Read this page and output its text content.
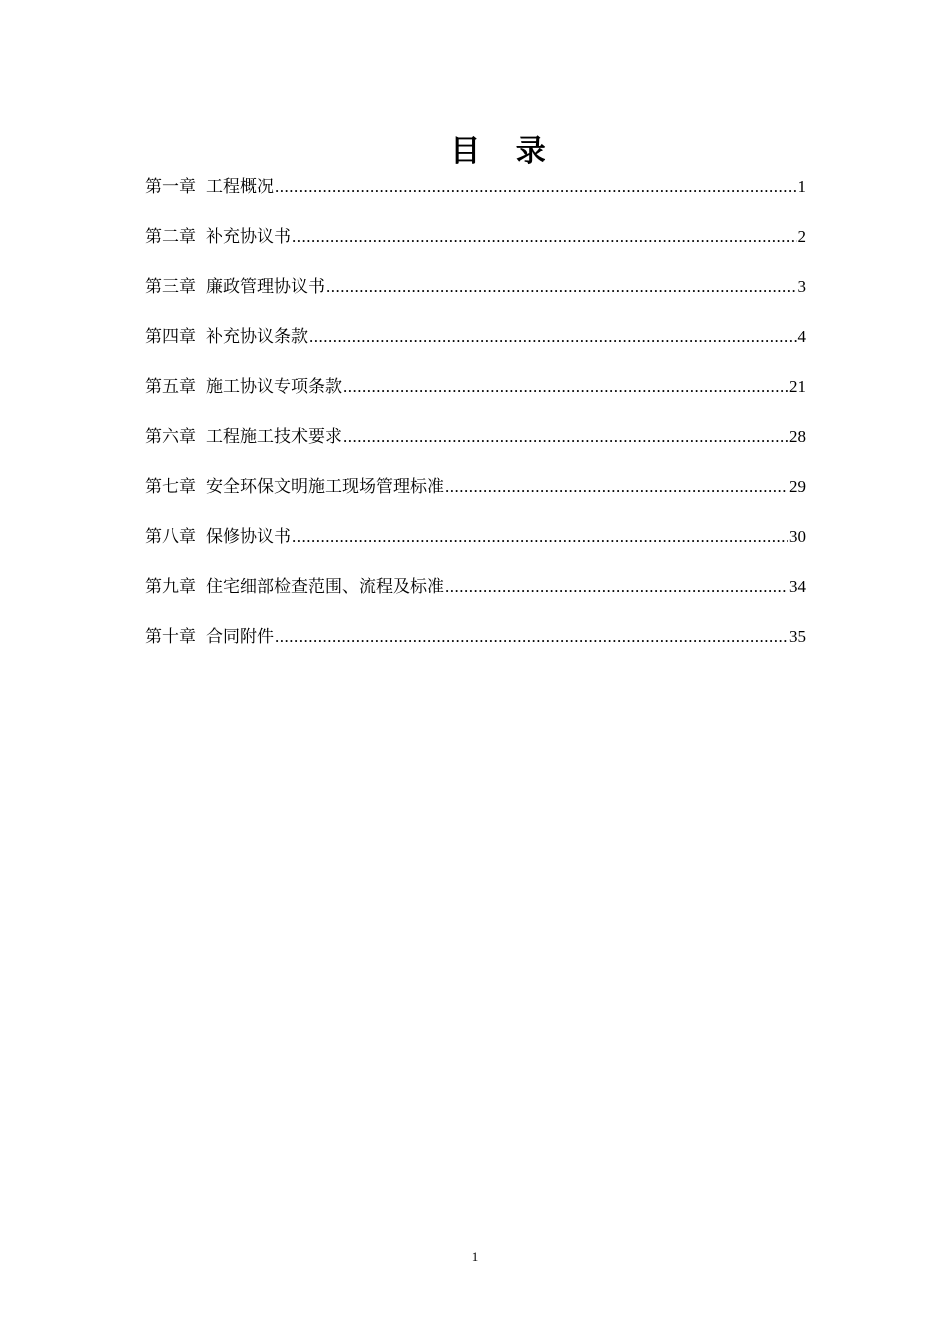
目 录
第一章 工程概况 .....	1
第二章 补充协议书 .....	2
第三章 廉政管理协议书 .....	3
第四章 补充协议条款 .....	4
第五章 施工协议专项条款 .....	21
第六章 工程施工技术要求 .....	28
第七章 安全环保文明施工现场管理标准 .....	29
第八章 保修协议书 .....	30
第九章 住宅细部检查范围、流程及标准 .....	34
第十章 合同附件 .....	35
1
